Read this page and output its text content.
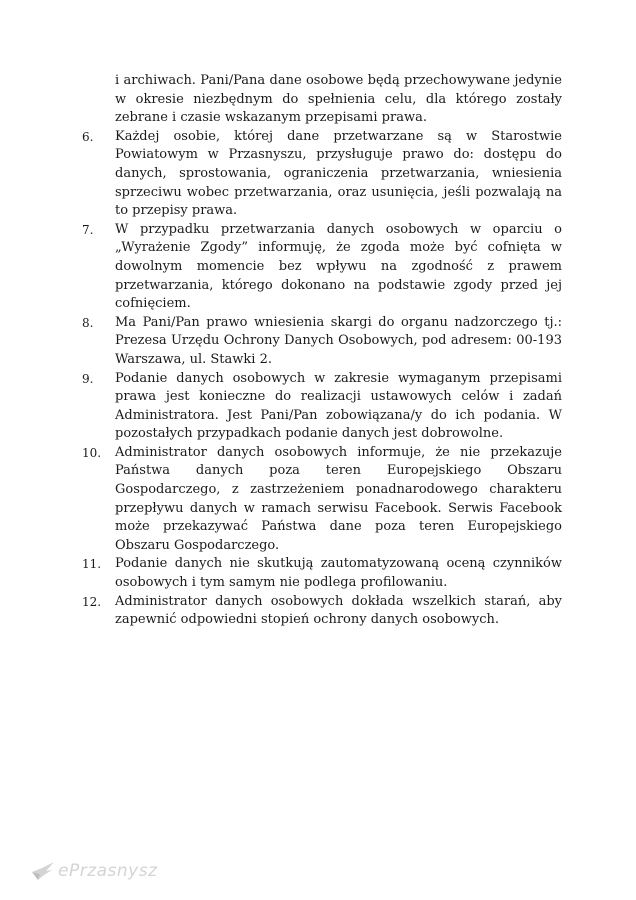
i archiwach. Pani/Pana dane osobowe będą przechowywane jedynie w okresie niezbędnym do spełnienia celu, dla którego zostały zebrane i czasie wskazanym przepisami prawa.

6.	Każdej osobie, której dane przetwarzane są w Starostwie Powiatowym w Przasnyszu, przysługuje prawo do: dostępu do danych, sprostowania, ograniczenia przetwarzania, wniesienia sprzeciwu wobec przetwarzania, oraz usunięcia, jeśli pozwalają na to przepisy prawa.
7.	W przypadku przetwarzania danych osobowych w oparciu o „Wyrażenie Zgody” informuję, że zgoda może być cofnięta w dowolnym momencie bez wpływu na zgodność z prawem przetwarzania, którego dokonano na podstawie zgody przed jej cofnięciem.
8.	Ma Pani/Pan prawo wniesienia skargi do organu nadzorczego tj.: Prezesa Urzędu Ochrony Danych Osobowych, pod adresem: 00-193 Warszawa, ul. Stawki 2.
9.	Podanie danych osobowych w zakresie wymaganym przepisami prawa jest konieczne do realizacji ustawowych celów i zadań Administratora. Jest Pani/Pan zobowiązana/y do ich podania. W pozostałych przypadkach podanie danych jest dobrowolne.
10.	Administrator danych osobowych informuje, że nie przekazuje Państwa danych poza teren Europejskiego Obszaru Gospodarczego, z zastrzeżeniem ponadnarodowego charakteru przepływu danych w ramach serwisu Facebook. Serwis Facebook może przekazywać Państwa dane poza teren Europejskiego Obszaru Gospodarczego.
11.	Podanie danych nie skutkują zautomatyzowaną oceną czynników osobowych i tym samym nie podlega profilowaniu.
12.	Administrator danych osobowych dokłada wszelkich starań, aby zapewnić odpowiedni stopień ochrony danych osobowych.
ePrzasnysz
